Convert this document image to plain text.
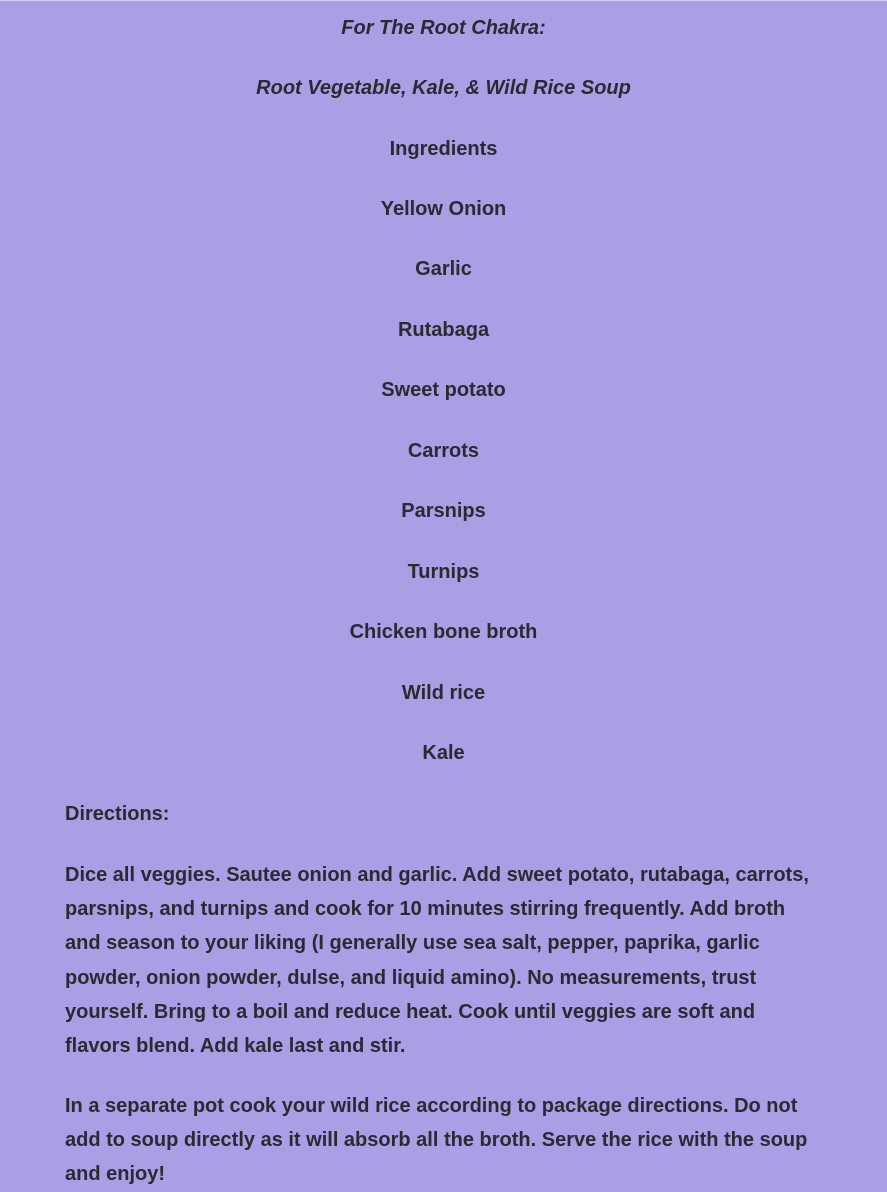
For The Root Chakra:

Root Vegetable, Kale, & Wild Rice Soup

Ingredients

Yellow Onion

Garlic

Rutabaga

Sweet potato

Carrots

Parsnips

Turnips

Chicken bone broth

Wild rice

Kale

Directions:

Dice all veggies. Sautee onion and garlic. Add sweet potato, rutabaga, carrots, parsnips, and turnips and cook for 10 minutes stirring frequently. Add broth and season to your liking (I generally use sea salt, pepper, paprika, garlic powder, onion powder, dulse, and liquid amino). No measurements, trust yourself. Bring to a boil and reduce heat. Cook until veggies are soft and flavors blend. Add kale last and stir.

In a separate pot cook your wild rice according to package directions. Do not add to soup directly as it will absorb all the broth. Serve the rice with the soup and enjoy!
